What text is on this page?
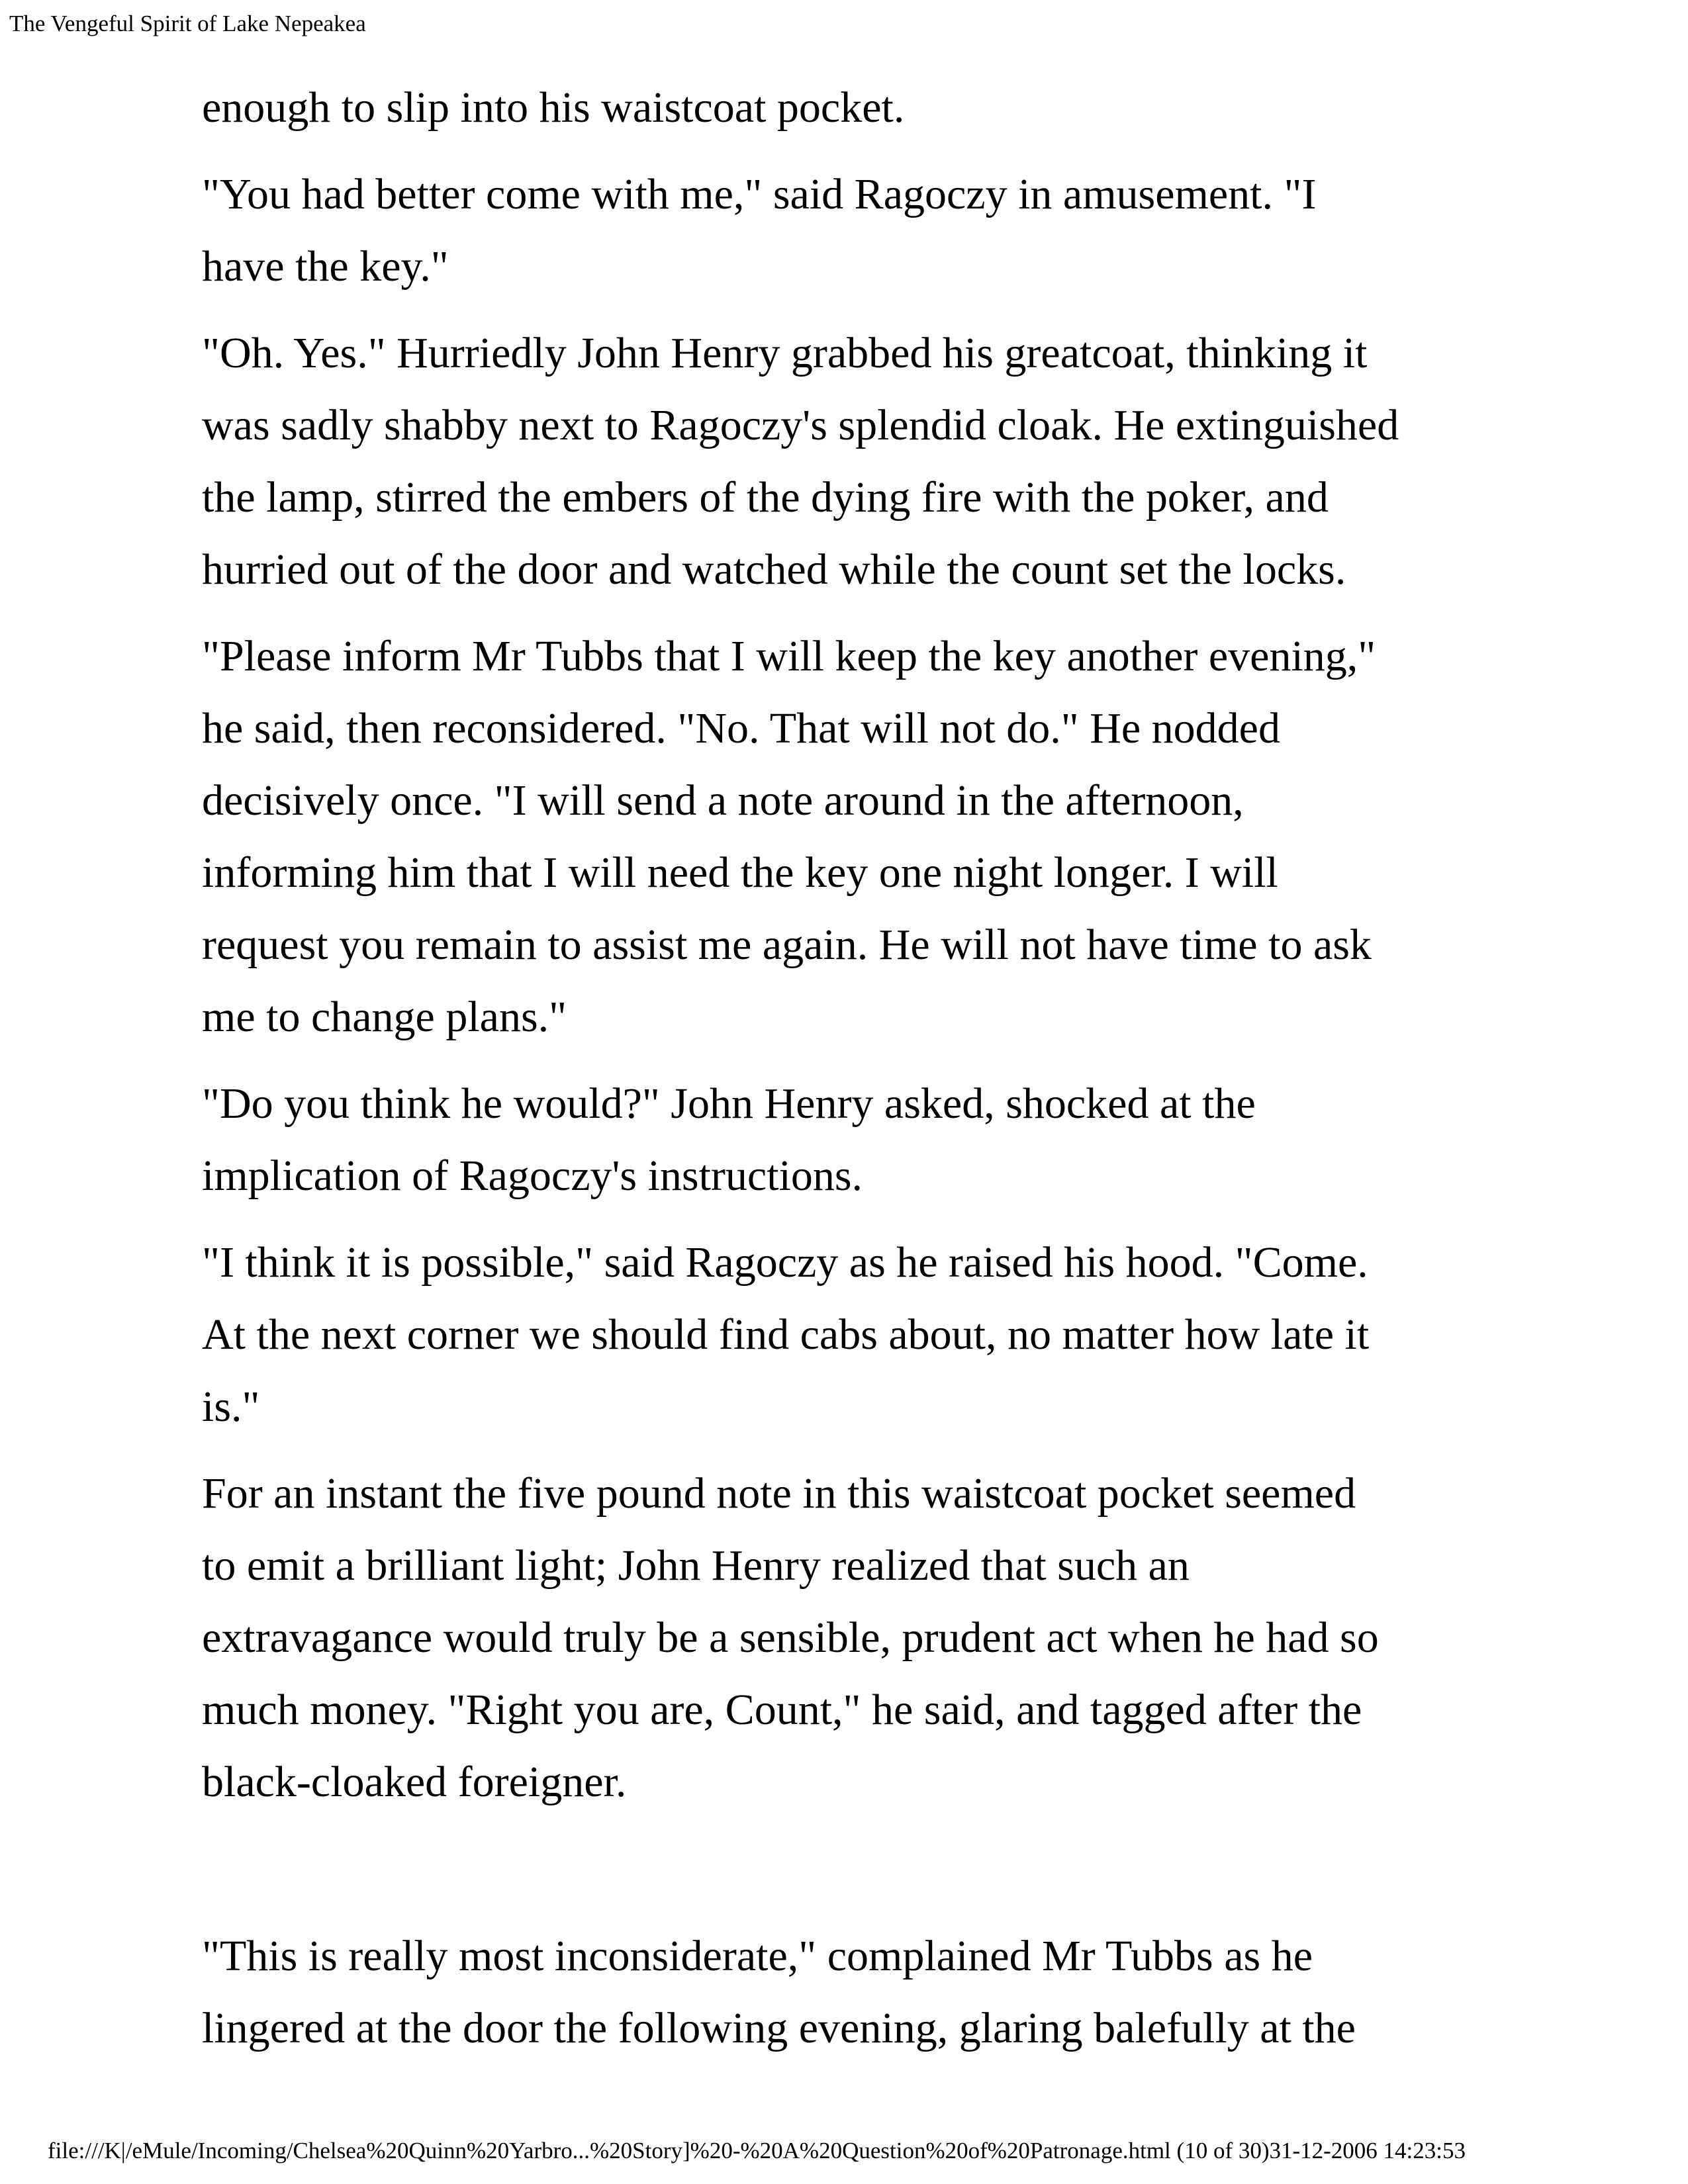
The Vengeful Spirit of Lake Nepeakea

enough to slip into his waistcoat pocket.

"You had better come with me," said Ragoczy in amusement. "I
have the key."

"Oh. Yes." Hurriedly John Henry grabbed his greatcoat, thinking it
was sadly shabby next to Ragoczy's splendid cloak. He extinguished
the lamp, stirred the embers of the dying fire with the poker, and
hurried out of the door and watched while the count set the locks.

"Please inform Mr Tubbs that I will keep the key another evening,"
he said, then reconsidered. "No. That will not do." He nodded
decisively once. "I will send a note around in the afternoon,
informing him that I will need the key one night longer. I will
request you remain to assist me again. He will not have time to ask
me to change plans."

"Do you think he would?" John Henry asked, shocked at the
implication of Ragoczy's instructions.

"I think it is possible," said Ragoczy as he raised his hood. "Come.
At the next corner we should find cabs about, no matter how late it
is."

For an instant the five pound note in this waistcoat pocket seemed
to emit a brilliant light; John Henry realized that such an
extravagance would truly be a sensible, prudent act when he had so
much money. "Right you are, Count," he said, and tagged after the
black-cloaked foreigner.

"This is really most inconsiderate," complained Mr Tubbs as he
lingered at the door the following evening, glaring balefully at the

file:///K|/eMule/Incoming/Chelsea%20Quinn%20Yarbro...%20Story]%20-%20A%20Question%20of%20Patronage.html (10 of 30)31-12-2006 14:23:53
